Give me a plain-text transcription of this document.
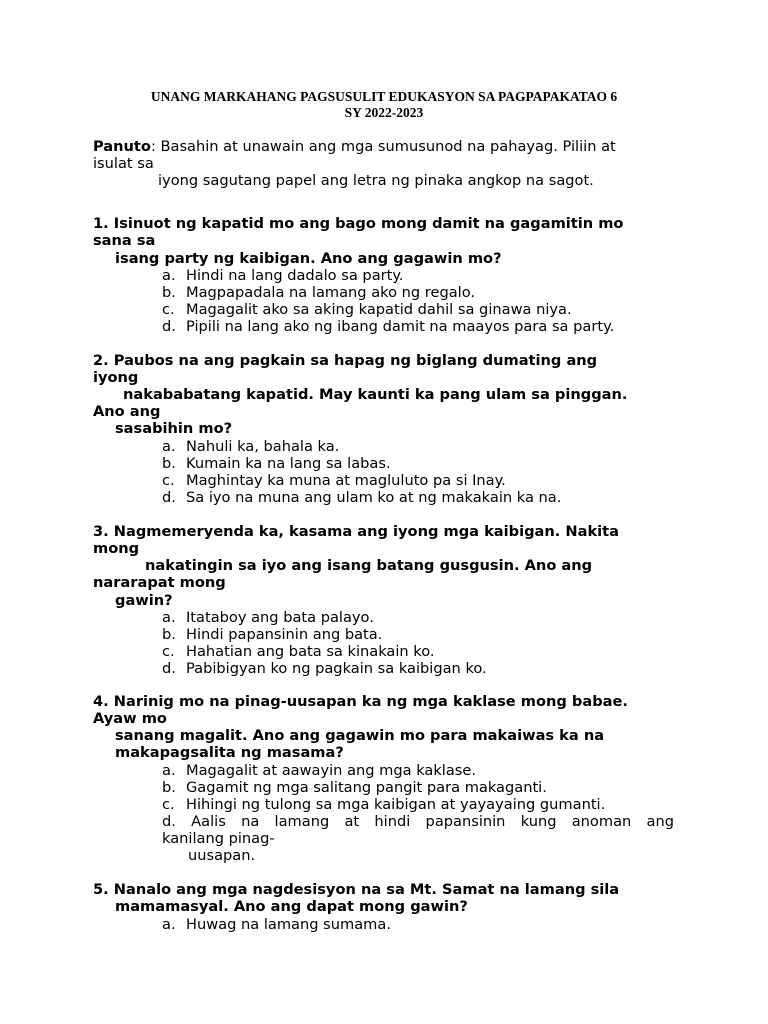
UNANG MARKAHANG PAGSUSULIT EDUKASYON SA PAGPAPAKATAO 6
SY 2022-2023
Panuto: Basahin at unawain ang mga sumusunod na pahayag. Piliin at
isulat sa
iyong sagutang papel ang letra ng pinaka angkop na sagot.
1. Isinuot ng kapatid mo ang bago mong damit na gagamitin mo
sana sa
isang party ng kaibigan. Ano ang gagawin mo?
a. Hindi na lang dadalo sa party.
b. Magpapadala na lamang ako ng regalo.
c. Magagalit ako sa aking kapatid dahil sa ginawa niya.
d. Pipili na lang ako ng ibang damit na maayos para sa party.
2. Paubos na ang pagkain sa hapag ng biglang dumating ang
iyong
nakababatang kapatid. May kaunti ka pang ulam sa pinggan.
Ano ang
sasabihin mo?
a. Nahuli ka, bahala ka.
b. Kumain ka na lang sa labas.
c. Maghintay ka muna at magluluto pa si Inay.
d. Sa iyo na muna ang ulam ko at ng makakain ka na.
3. Nagmemeryenda ka, kasama ang iyong mga kaibigan. Nakita
mong
nakatingin sa iyo ang isang batang gusgusin. Ano ang
nararapat mong
gawin?
a. Itataboy ang bata palayo.
b. Hindi papansinin ang bata.
c. Hahatian ang bata sa kinakain ko.
d. Pabibigyan ko ng pagkain sa kaibigan ko.
4. Narinig mo na pinag-uusapan ka ng mga kaklase mong babae.
Ayaw mo
sanang magalit. Ano ang gagawin mo para makaiwas ka na
makapagsalita ng masama?
a. Magagalit at aawayin ang mga kaklase.
b. Gagamit ng mga salitang pangit para makaganti.
c. Hihingi ng tulong sa mga kaibigan at yayayaing gumanti.
d. Aalis na lamang at hindi papansinin kung anoman ang
kanilang pinag-
uusapan.
5. Nanalo ang mga nagdesisyon na sa Mt. Samat na lamang sila
mamamasyal. Ano ang dapat mong gawin?
a. Huwag na lamang sumama.
